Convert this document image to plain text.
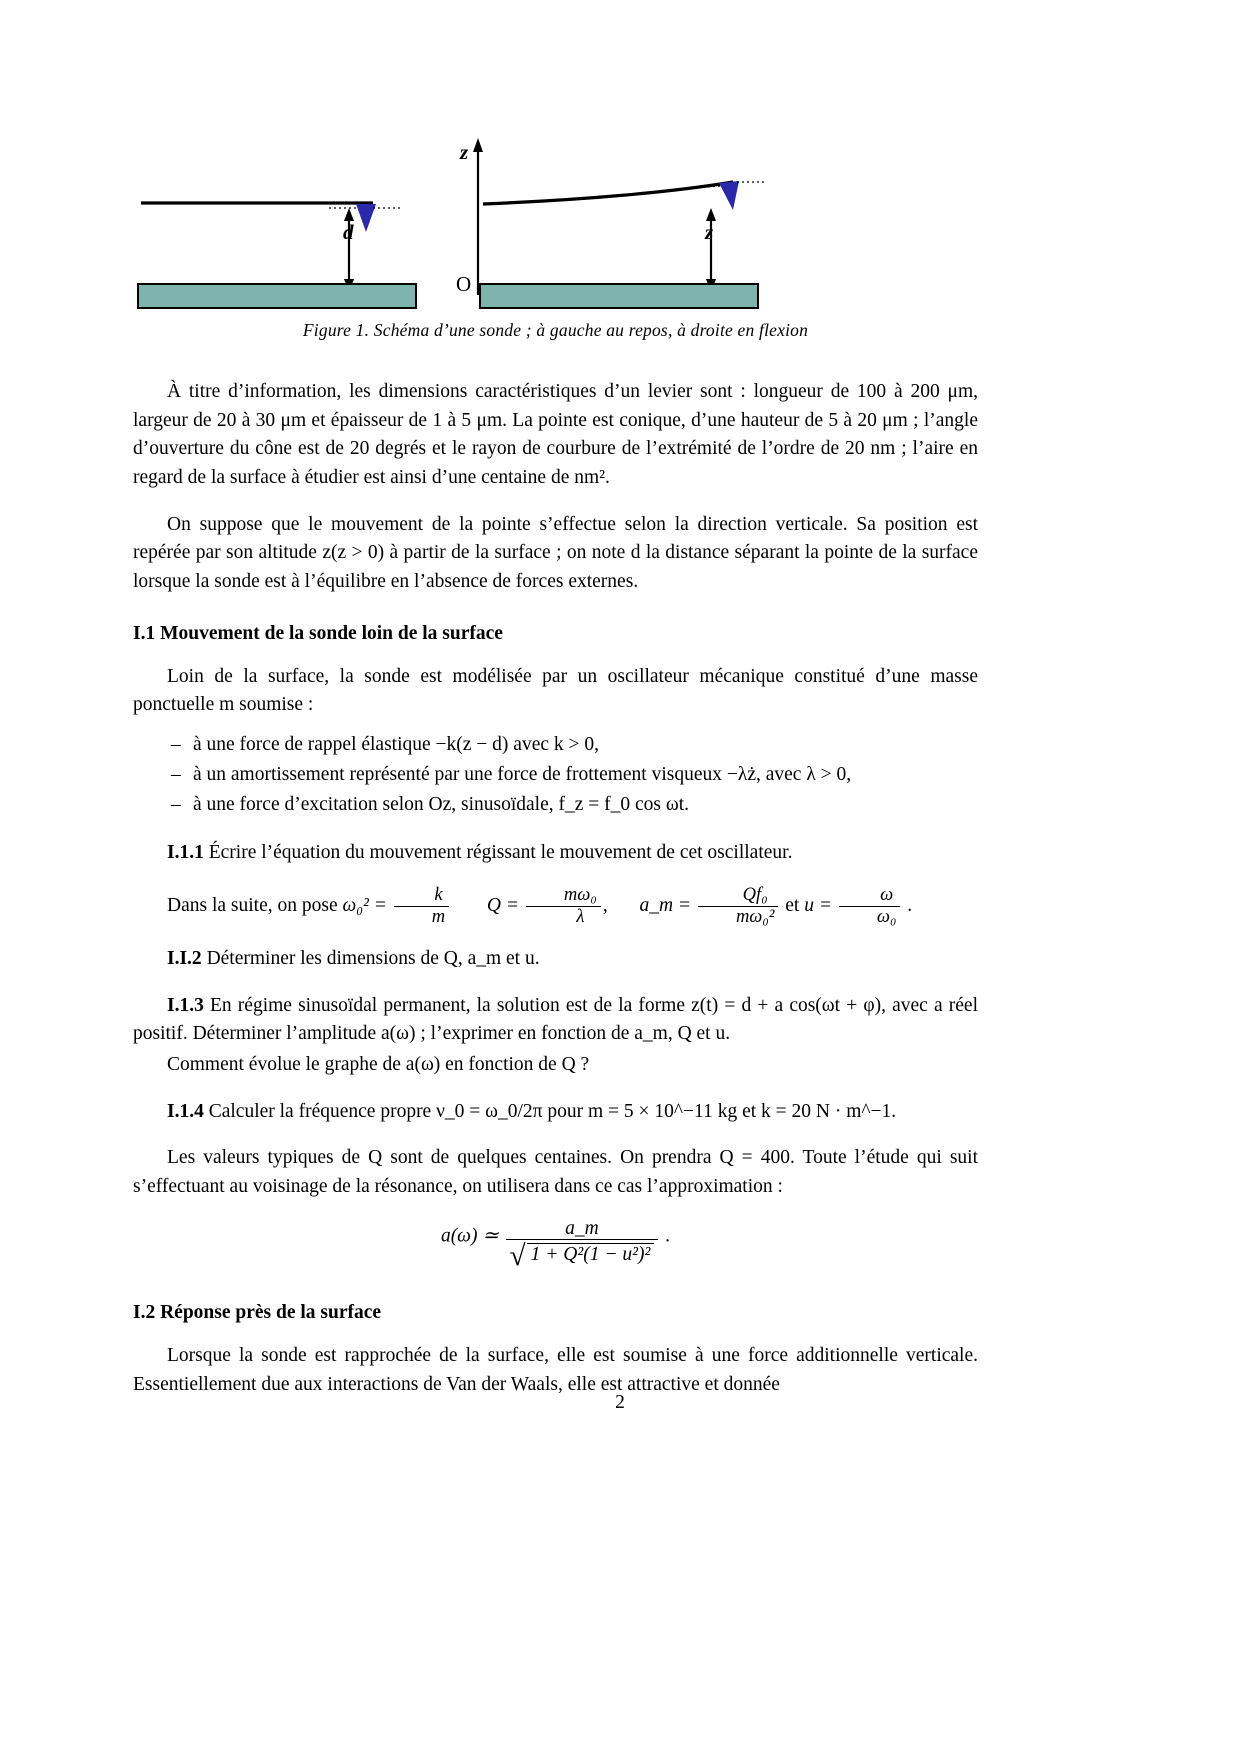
d	z
z
O
Figure 1. Schéma d’une sonde ; à gauche au repos, à droite en flexion

À titre d’information, les dimensions caractéristiques d’un levier sont : longueur de 100 à 200 μm, largeur de 20 à 30 μm et épaisseur de 1 à 5 μm. La pointe est conique, d’une hauteur de 5 à 20 μm ; l’angle d’ouverture du cône est de 20 degrés et le rayon de courbure de l’extrémité de l’ordre de 20 nm ; l’aire en regard de la surface à étudier est ainsi d’une centaine de nm².

On suppose que le mouvement de la pointe s’effectue selon la direction verticale. Sa position est repérée par son altitude z(z > 0) à partir de la surface ; on note d la distance séparant la pointe de la surface lorsque la sonde est à l’équilibre en l’absence de forces externes.

I.1 Mouvement de la sonde loin de la surface

Loin de la surface, la sonde est modélisée par un oscillateur mécanique constitué d’une masse ponctuelle m soumise :

– à une force de rappel élastique −k(z − d) avec k > 0,
– à un amortissement représenté par une force de frottement visqueux −λż, avec λ > 0,
– à une force d’excitation selon Oz, sinusoïdale, f_z = f_0 cos ωt.

I.1.1 Écrire l’équation du mouvement régissant le mouvement de cet oscillateur.

Dans la suite, on pose $\omega_0^2 = \frac{k}{m}$ $Q = \frac{\text{mω₀}}{\lambda}$ , a_m = $\frac{\text{Qf₀}}{\text{mω₀²}}$ et $u = \frac{\omega}{\text{ω₀}}$ .

I.I.2 Déterminer les dimensions de Q, a_m et u.

I.1.3 En régime sinusoïdal permanent, la solution est de la forme z(t) = d + a cos(ωt + φ), avec a réel positif. Déterminer l’amplitude a(ω) ; l’exprimer en fonction de a_m, Q et u.

Comment évolue le graphe de a(ω) en fonction de Q ?

I.1.4 Calculer la fréquence propre ν_0 = ω_0/2π pour m = 5 × 10^−11 kg et k = 20 N · m^−1.

Les valeurs typiques de Q sont de quelques centaines. On prendra Q = 400. Toute l’étude qui suit s’effectuant au voisinage de la résonance, on utilisera dans ce cas l’approximation :

a(ω) ≃ $\frac{a\_m}{\text{√ 1 + Q²(1 − u²)²}}$ .
I.2 Réponse près de la surface

Lorsque la sonde est rapprochée de la surface, elle est soumise à une force additionnelle verticale. Essentiellement due aux interactions de Van der Waals, elle est attractive et donnée

2
